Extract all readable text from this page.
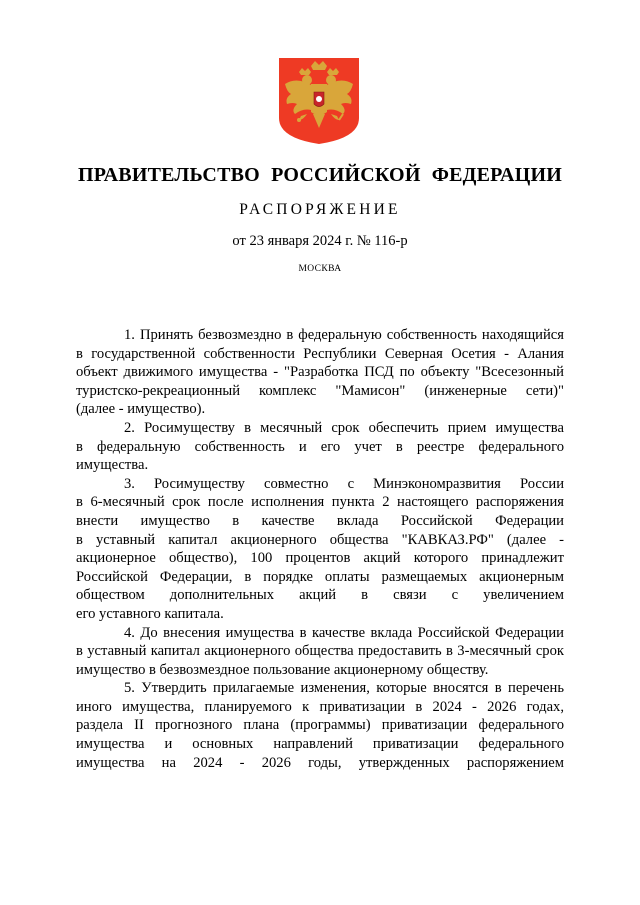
ПРАВИТЕЛЬСТВО РОССИЙСКОЙ ФЕДЕРАЦИИ
РАСПОРЯЖЕНИЕ
от 23 января 2024 г. № 116-р
МОСКВА

1. Принять безвозмездно в федеральную собственность находящийся
в государственной собственности Республики Северная Осетия - Алания
объект движимого имущества - "Разработка ПСД по объекту "Всесезонный
туристско-рекреационный комплекс "Мамисон" (инженерные сети)"
(далее - имущество).

2. Росимуществу в месячный срок обеспечить прием имущества
в федеральную собственность и его учет в реестре федерального
имущества.

3. Росимуществу совместно с Минэкономразвития России
в 6-месячный срок после исполнения пункта 2 настоящего распоряжения
внести имущество в качестве вклада Российской Федерации
в уставный капитал акционерного общества "КАВКАЗ.РФ" (далее -
акционерное общество), 100 процентов акций которого принадлежит
Российской Федерации, в порядке оплаты размещаемых акционерным
обществом дополнительных акций в связи с увеличением
его уставного капитала.

4. До внесения имущества в качестве вклада Российской Федерации
в уставный капитал акционерного общества предоставить в 3-месячный срок
имущество в безвозмездное пользование акционерному обществу.

5. Утвердить прилагаемые изменения, которые вносятся в перечень
иного имущества, планируемого к приватизации в 2024 - 2026 годах,
раздела II прогнозного плана (программы) приватизации федерального
имущества и основных направлений приватизации федерального
имущества на 2024 - 2026 годы, утвержденных распоряжением
